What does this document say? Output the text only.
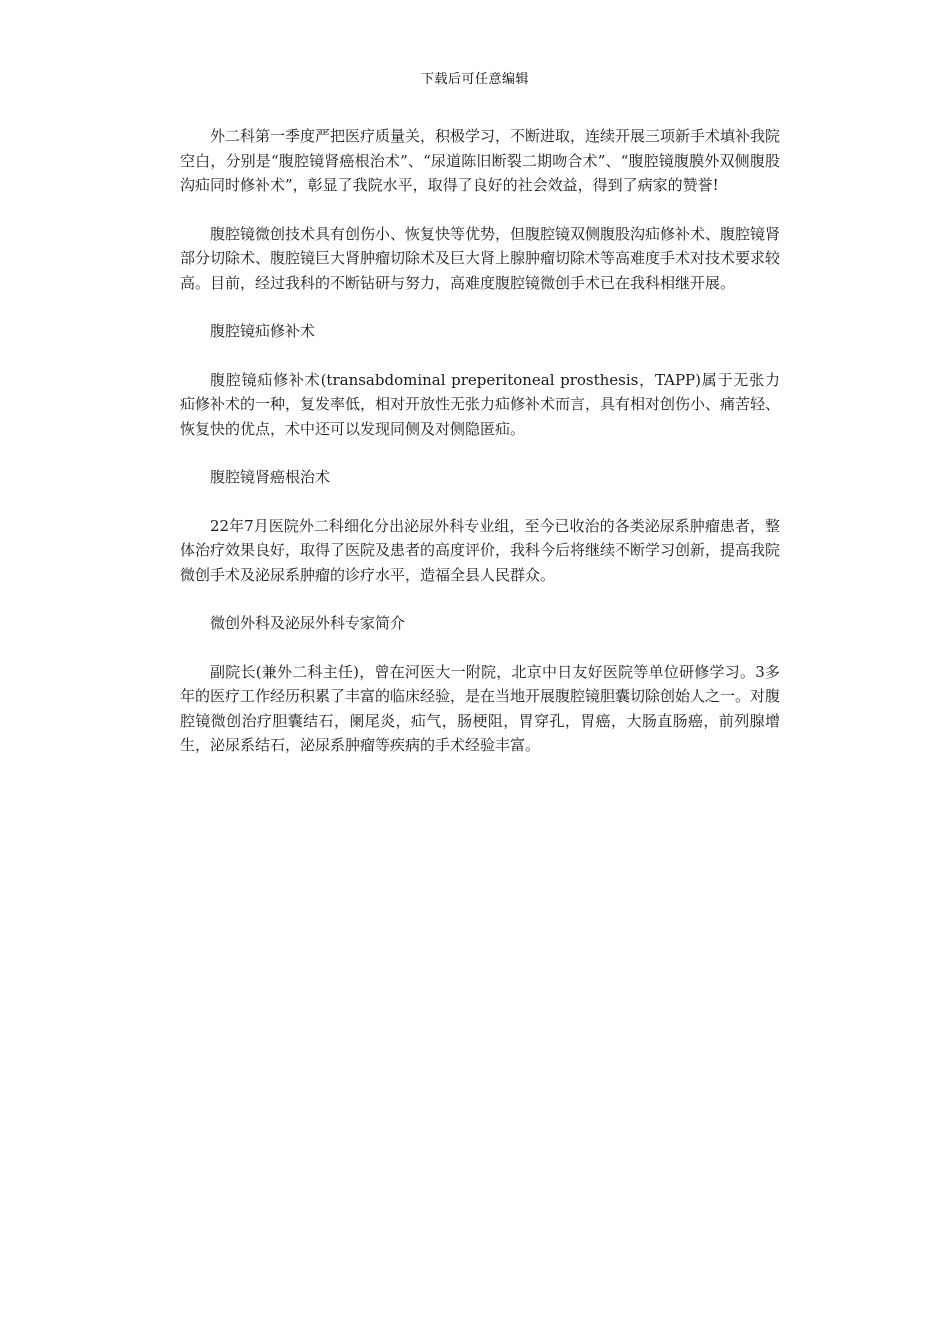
下载后可任意编辑

外二科第一季度严把医疗质量关，积极学习，不断进取，连续开展三项新手术填补我院空白，分别是“腹腔镜肾癌根治术”、“尿道陈旧断裂二期吻合术”、“腹腔镜腹膜外双侧腹股沟疝同时修补术”，彰显了我院水平，取得了良好的社会效益，得到了病家的赞誉!

腹腔镜微创技术具有创伤小、恢复快等优势，但腹腔镜双侧腹股沟疝修补术、腹腔镜肾部分切除术、腹腔镜巨大肾肿瘤切除术及巨大肾上腺肿瘤切除术等高难度手术对技术要求较高。目前，经过我科的不断钻研与努力，高难度腹腔镜微创手术已在我科相继开展。

腹腔镜疝修补术

腹腔镜疝修补术(transabdominal preperitoneal prosthesis，TAPP)属于无张力疝修补术的一种，复发率低，相对开放性无张力疝修补术而言，具有相对创伤小、痛苦轻、恢复快的优点，术中还可以发现同侧及对侧隐匿疝。

腹腔镜肾癌根治术

22年7月医院外二科细化分出泌尿外科专业组，至今已收治的各类泌尿系肿瘤患者，整体治疗效果良好，取得了医院及患者的高度评价，我科今后将继续不断学习创新，提高我院微创手术及泌尿系肿瘤的诊疗水平，造福全县人民群众。

微创外科及泌尿外科专家简介

副院长(兼外二科主任)，曾在河医大一附院，北京中日友好医院等单位研修学习。3多年的医疗工作经历积累了丰富的临床经验，是在当地开展腹腔镜胆囊切除创始人之一。对腹腔镜微创治疗胆囊结石，阑尾炎，疝气，肠梗阻，胃穿孔，胃癌，大肠直肠癌，前列腺增生，泌尿系结石，泌尿系肿瘤等疾病的手术经验丰富。
